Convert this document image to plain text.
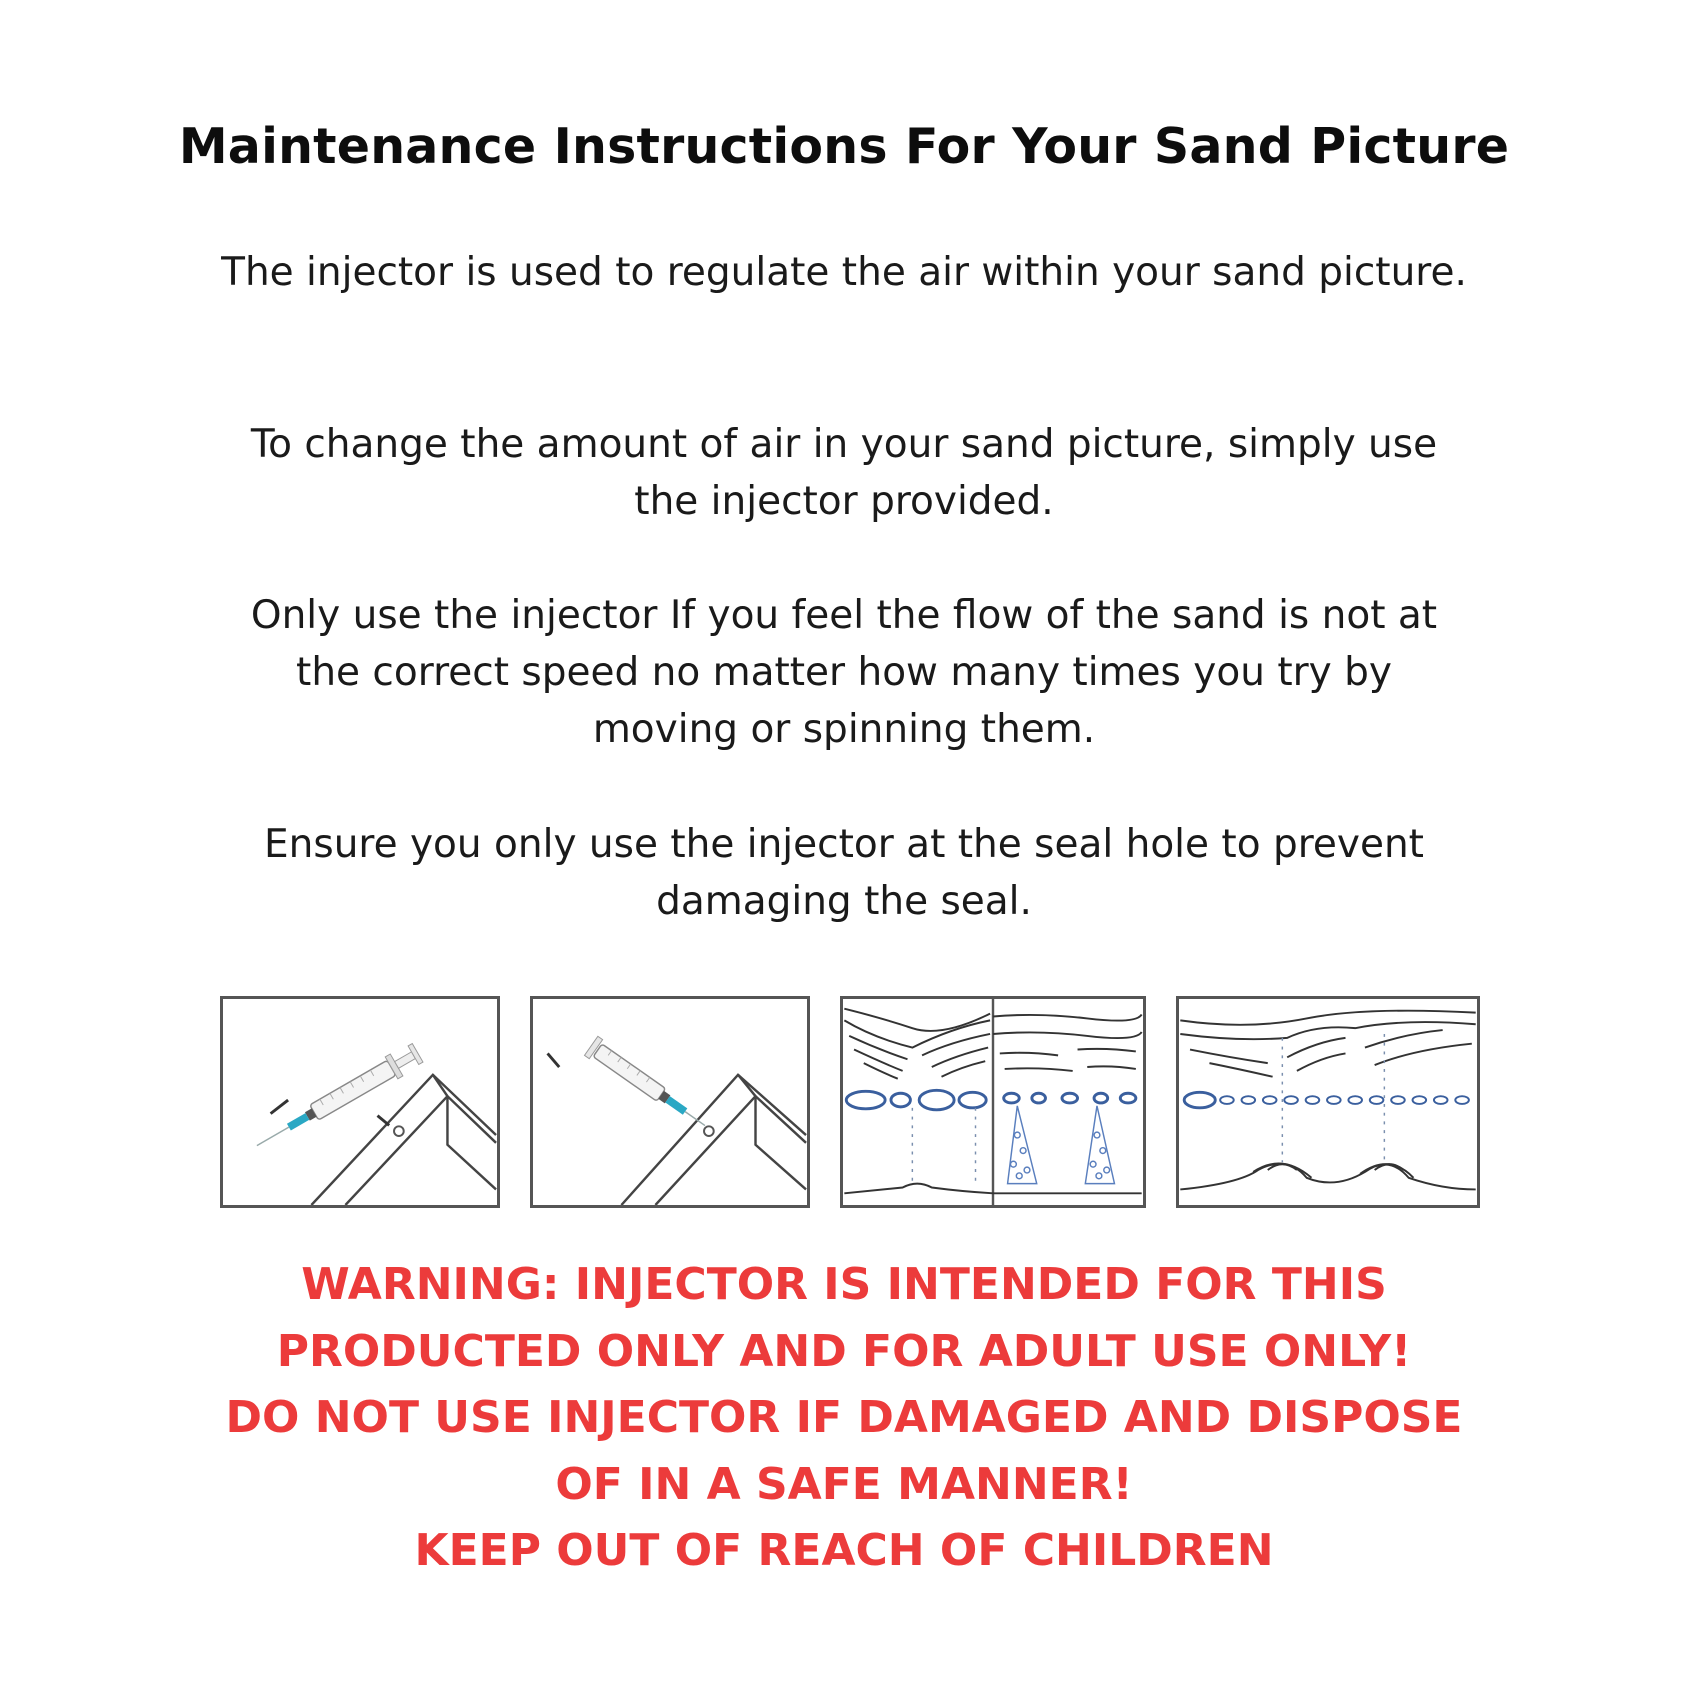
Maintenance Instructions For Your Sand Picture

The injector is used to regulate the air within your sand picture.

To change the amount of air in your sand picture, simply use the injector provided.

Only use the injector If you feel the flow of the sand is not at the correct speed no matter how many times you try by moving or spinning them.

Ensure you only use the injector at the seal hole to prevent damaging the seal.

WARNING: INJECTOR IS INTENDED FOR THIS
PRODUCTED ONLY AND FOR ADULT USE ONLY!
DO NOT USE INJECTOR IF DAMAGED AND DISPOSE
OF IN A SAFE MANNER!
KEEP OUT OF REACH OF CHILDREN
